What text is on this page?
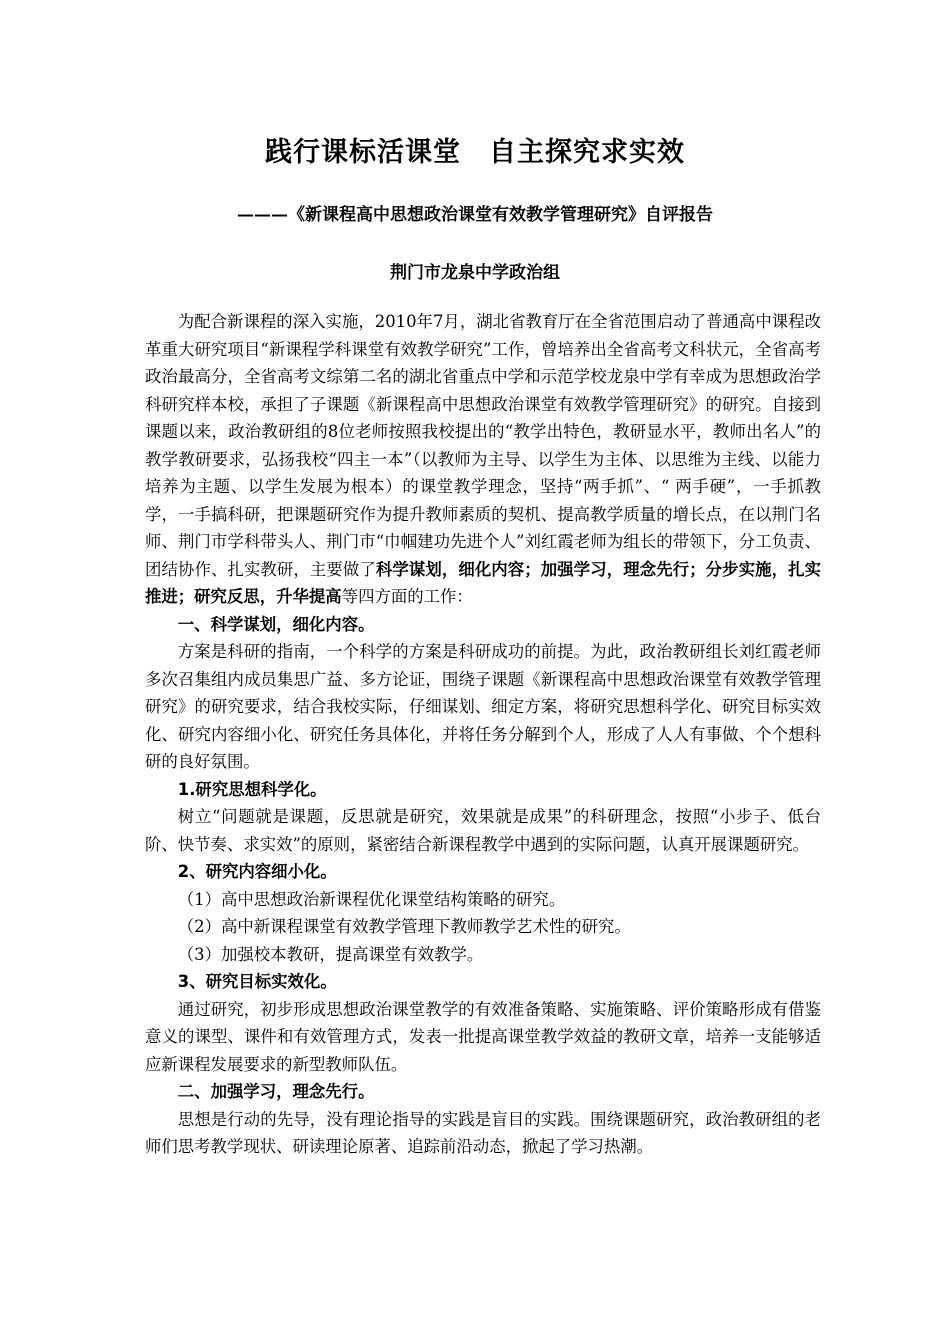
践行课标活课堂　自主探究求实效
———《新课程高中思想政治课堂有效教学管理研究》自评报告
荆门市龙泉中学政治组

为配合新课程的深入实施，2010年7月，湖北省教育厅在全省范围启动了普通高中课程改革重大研究项目“新课程学科课堂有效教学研究”工作，曾培养出全省高考文科状元，全省高考政治最高分，全省高考文综第二名的湖北省重点中学和示范学校龙泉中学有幸成为思想政治学科研究样本校，承担了子课题《新课程高中思想政治课堂有效教学管理研究》的研究。自接到课题以来，政治教研组的8位老师按照我校提出的“教学出特色，教研显水平，教师出名人”的教学教研要求，弘扬我校“四主一本”（以教师为主导、以学生为主体、以思维为主线、以能力培养为主题、以学生发展为根本）的课堂教学理念，坚持“两手抓”、“ 两手硬”，一手抓教学，一手搞科研，把课题研究作为提升教师素质的契机、提高教学质量的增长点，在以荆门名师、荆门市学科带头人、荆门市“巾帼建功先进个人”刘红霞老师为组长的带领下，分工负责、团结协作、扎实教研，主要做了科学谋划，细化内容；加强学习，理念先行；分步实施，扎实推进；研究反思，升华提高等四方面的工作：

一、科学谋划，细化内容。

方案是科研的指南，一个科学的方案是科研成功的前提。为此，政治教研组长刘红霞老师多次召集组内成员集思广益、多方论证，围绕子课题《新课程高中思想政治课堂有效教学管理研究》的研究要求，结合我校实际，仔细谋划、细定方案，将研究思想科学化、研究目标实效化、研究内容细小化、研究任务具体化，并将任务分解到个人，形成了人人有事做、个个想科研的良好氛围。

1.研究思想科学化。

树立“问题就是课题，反思就是研究，效果就是成果”的科研理念，按照“小步子、低台阶、快节奏、求实效”的原则，紧密结合新课程教学中遇到的实际问题，认真开展课题研究。

2、研究内容细小化。

（1）高中思想政治新课程优化课堂结构策略的研究。

（2）高中新课程课堂有效教学管理下教师教学艺术性的研究。

（3）加强校本教研，提高课堂有效教学。

3、研究目标实效化。

通过研究，初步形成思想政治课堂教学的有效准备策略、实施策略、评价策略形成有借鉴意义的课型、课件和有效管理方式，发表一批提高课堂教学效益的教研文章，培养一支能够适应新课程发展要求的新型教师队伍。

二、加强学习，理念先行。

思想是行动的先导，没有理论指导的实践是盲目的实践。围绕课题研究，政治教研组的老师们思考教学现状、研读理论原著、追踪前沿动态，掀起了学习热潮。
